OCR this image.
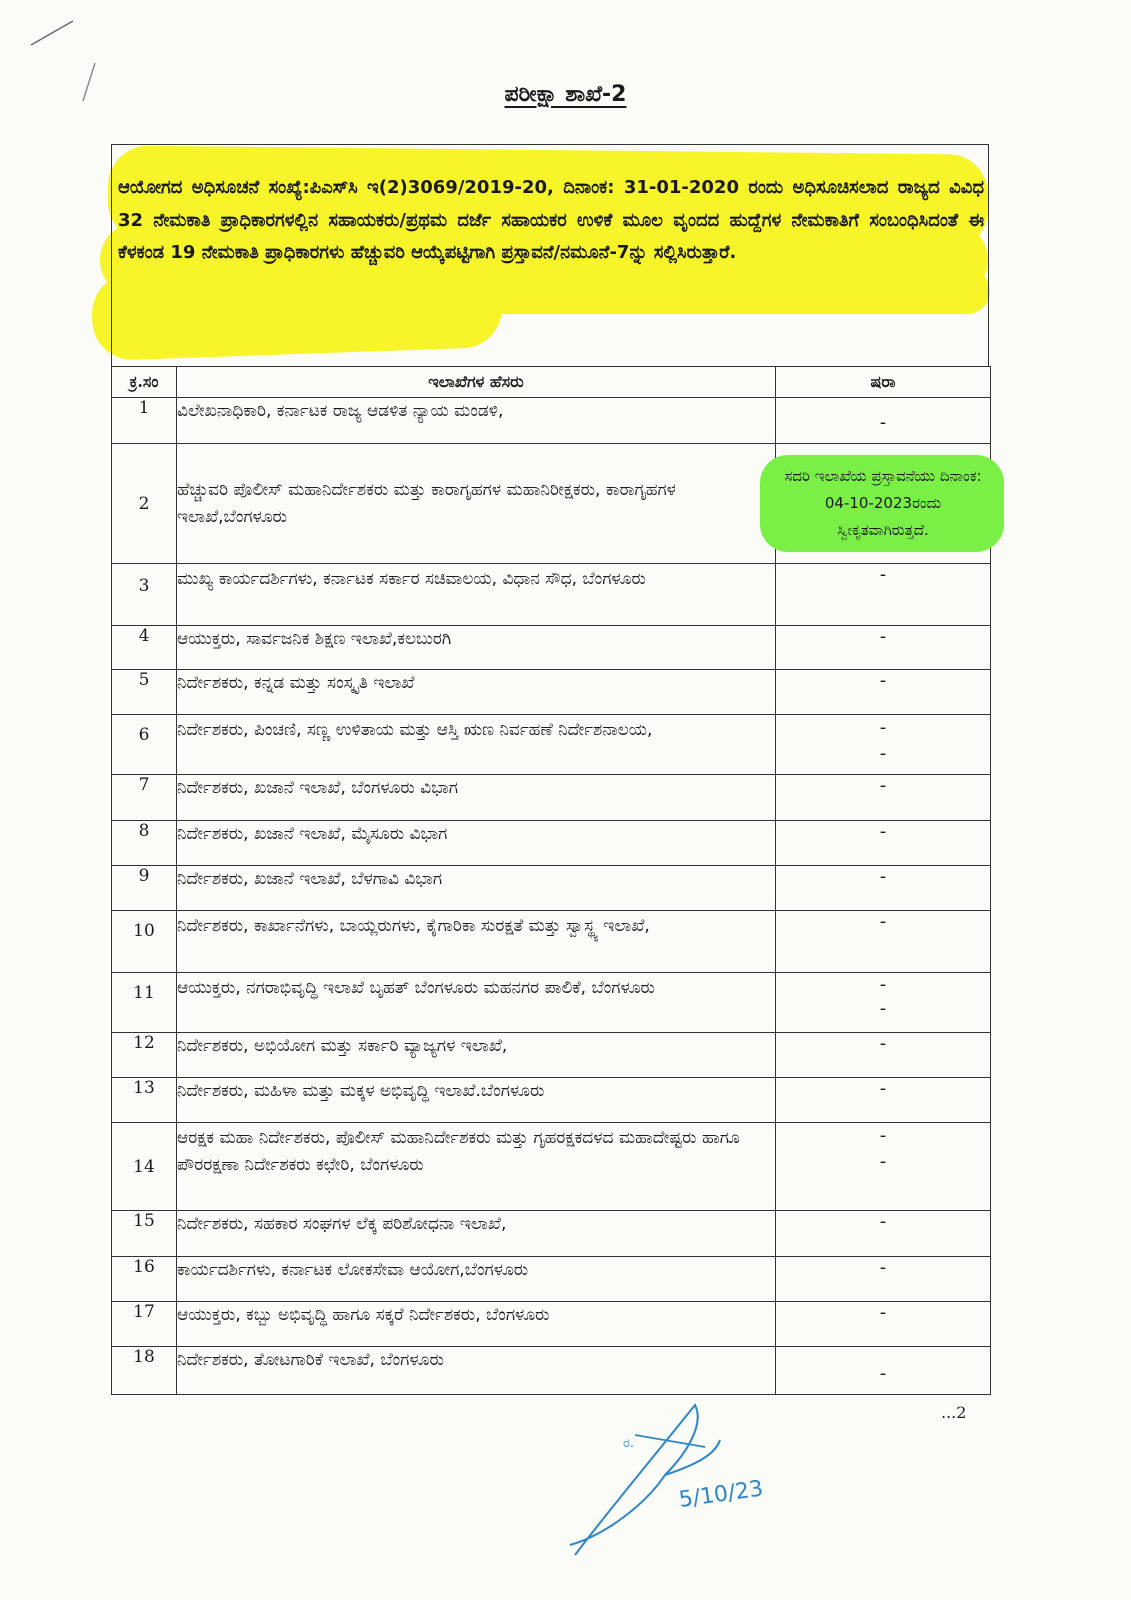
ಪರೀಕ್ಷಾ ಶಾಖೆ-2
ಆಯೋಗದ ಅಧಿಸೂಚನೆ ಸಂಖ್ಯೆ:ಪಿಎಸ್‌ಸಿ ಇ(2)3069/2019-20, ದಿನಾಂಕ: 31-01-2020 ರಂದು ಅಧಿಸೂಚಿಸಲಾದ ರಾಜ್ಯದ ವಿವಿಧ 32 ನೇಮಕಾತಿ ಪ್ರಾಧಿಕಾರಗಳಲ್ಲಿನ ಸಹಾಯಕರು/ಪ್ರಥಮ ದರ್ಜೆ ಸಹಾಯಕರ ಉಳಿಕೆ ಮೂಲ ವೃಂದದ ಹುದ್ದೆಗಳ ನೇಮಕಾತಿಗೆ ಸಂಬಂಧಿಸಿದಂತೆ ಈ ಕೆಳಕಂಡ 19 ನೇಮಕಾತಿ ಪ್ರಾಧಿಕಾರಗಳು ಹೆಚ್ಚುವರಿ ಆಯ್ಕೆಪಟ್ಟಿಗಾಗಿ ಪ್ರಸ್ತಾವನೆ/ನಮೂನೆ-7ನ್ನು ಸಲ್ಲಿಸಿರುತ್ತಾರೆ.
ಕ್ರ.ಸಂ	ಇಲಾಖೆಗಳ ಹೆಸರು	ಷರಾ
1	ವಿಲೇಖನಾಧಿಕಾರಿ, ಕರ್ನಾಟಕ ರಾಜ್ಯ ಆಡಳಿತ ನ್ಯಾಯ ಮಂಡಳಿ,	-
2	ಹೆಚ್ಚುವರಿ ಪೊಲೀಸ್ ಮಹಾನಿರ್ದೇಶಕರು ಮತ್ತು ಕಾರಾಗೃಹಗಳ ಮಹಾನಿರೀಕ್ಷಕರು, ಕಾರಾಗೃಹಗಳ ಇಲಾಖೆ,ಬೆಂಗಳೂರು	ಸದರಿ ಇಲಾಖೆಯ ಪ್ರಸ್ತಾವನೆಯು ದಿನಾಂಕ: 04-10-2023ರಂದು ಸ್ವೀಕೃತವಾಗಿರುತ್ತದೆ.

3	ಮುಖ್ಯ ಕಾರ್ಯದರ್ಶಿಗಳು, ಕರ್ನಾಟಕ ಸರ್ಕಾರ ಸಚಿವಾಲಯ, ವಿಧಾನ ಸೌಧ, ಬೆಂಗಳೂರು	-
4	ಆಯುಕ್ತರು, ಸಾರ್ವಜನಿಕ ಶಿಕ್ಷಣ ಇಲಾಖೆ,ಕಲಬುರಗಿ	-
5	ನಿರ್ದೇಶಕರು, ಕನ್ನಡ ಮತ್ತು ಸಂಸ್ಕೃತಿ ಇಲಾಖೆ	-
6	ನಿರ್ದೇಶಕರು, ಪಿಂಚಣಿ, ಸಣ್ಣ ಉಳಿತಾಯ ಮತ್ತು ಆಸ್ತಿ ಋಣ ನಿರ್ವಹಣೆ ನಿರ್ದೇಶನಾಲಯ,	-
-
7	ನಿರ್ದೇಶಕರು, ಖಜಾನೆ ಇಲಾಖೆ, ಬೆಂಗಳೂರು ವಿಭಾಗ	-
8	ನಿರ್ದೇಶಕರು, ಖಜಾನೆ ಇಲಾಖೆ, ಮೈಸೂರು ವಿಭಾಗ	-
9	ನಿರ್ದೇಶಕರು, ಖಜಾನೆ ಇಲಾಖೆ, ಬೆಳಗಾವಿ ವಿಭಾಗ	-
10	ನಿರ್ದೇಶಕರು, ಕಾರ್ಖಾನೆಗಳು, ಬಾಯ್ಲರುಗಳು, ಕೈಗಾರಿಕಾ ಸುರಕ್ಷತೆ ಮತ್ತು ಸ್ವಾಸ್ಥ್ಯ ಇಲಾಖೆ,	-
11	ಆಯುಕ್ತರು, ನಗರಾಭಿವೃದ್ಧಿ ಇಲಾಖೆ ಬೃಹತ್ ಬೆಂಗಳೂರು ಮಹನಗರ ಪಾಲಿಕೆ, ಬೆಂಗಳೂರು	-
-
12	ನಿರ್ದೇಶಕರು, ಅಭಿಯೋಗ ಮತ್ತು ಸರ್ಕಾರಿ ವ್ಯಾಜ್ಯಗಳ ಇಲಾಖೆ,	-
13	ನಿರ್ದೇಶಕರು, ಮಹಿಳಾ ಮತ್ತು ಮಕ್ಕಳ ಅಭಿವೃದ್ಧಿ ಇಲಾಖೆ.ಬೆಂಗಳೂರು	-
14	ಆರಕ್ಷಕ ಮಹಾ ನಿರ್ದೇಶಕರು, ಪೊಲೀಸ್ ಮಹಾನಿರ್ದೇಶಕರು ಮತ್ತು ಗೃಹರಕ್ಷಕದಳದ ಮಹಾದೇಷ್ಟರು ಹಾಗೂ ಪೌರರಕ್ಷಣಾ ನಿರ್ದೇಶಕರು ಕಛೇರಿ, ಬೆಂಗಳೂರು	-
-
15	ನಿರ್ದೇಶಕರು, ಸಹಕಾರ ಸಂಘಗಳ ಲೆಕ್ಕ ಪರಿಶೋಧನಾ ಇಲಾಖೆ,	-
16	ಕಾರ್ಯದರ್ಶಿಗಳು, ಕರ್ನಾಟಕ ಲೋಕಸೇವಾ ಆಯೋಗ,ಬೆಂಗಳೂರು	-
17	ಆಯುಕ್ತರು, ಕಬ್ಬು ಅಭಿವೃದ್ಧಿ ಹಾಗೂ ಸಕ್ಕರೆ ನಿರ್ದೇಶಕರು, ಬೆಂಗಳೂರು	-
18	ನಿರ್ದೇಶಕರು, ತೋಟಗಾರಿಕೆ ಇಲಾಖೆ, ಬೆಂಗಳೂರು	-
...2
ರ.
5/10/23
